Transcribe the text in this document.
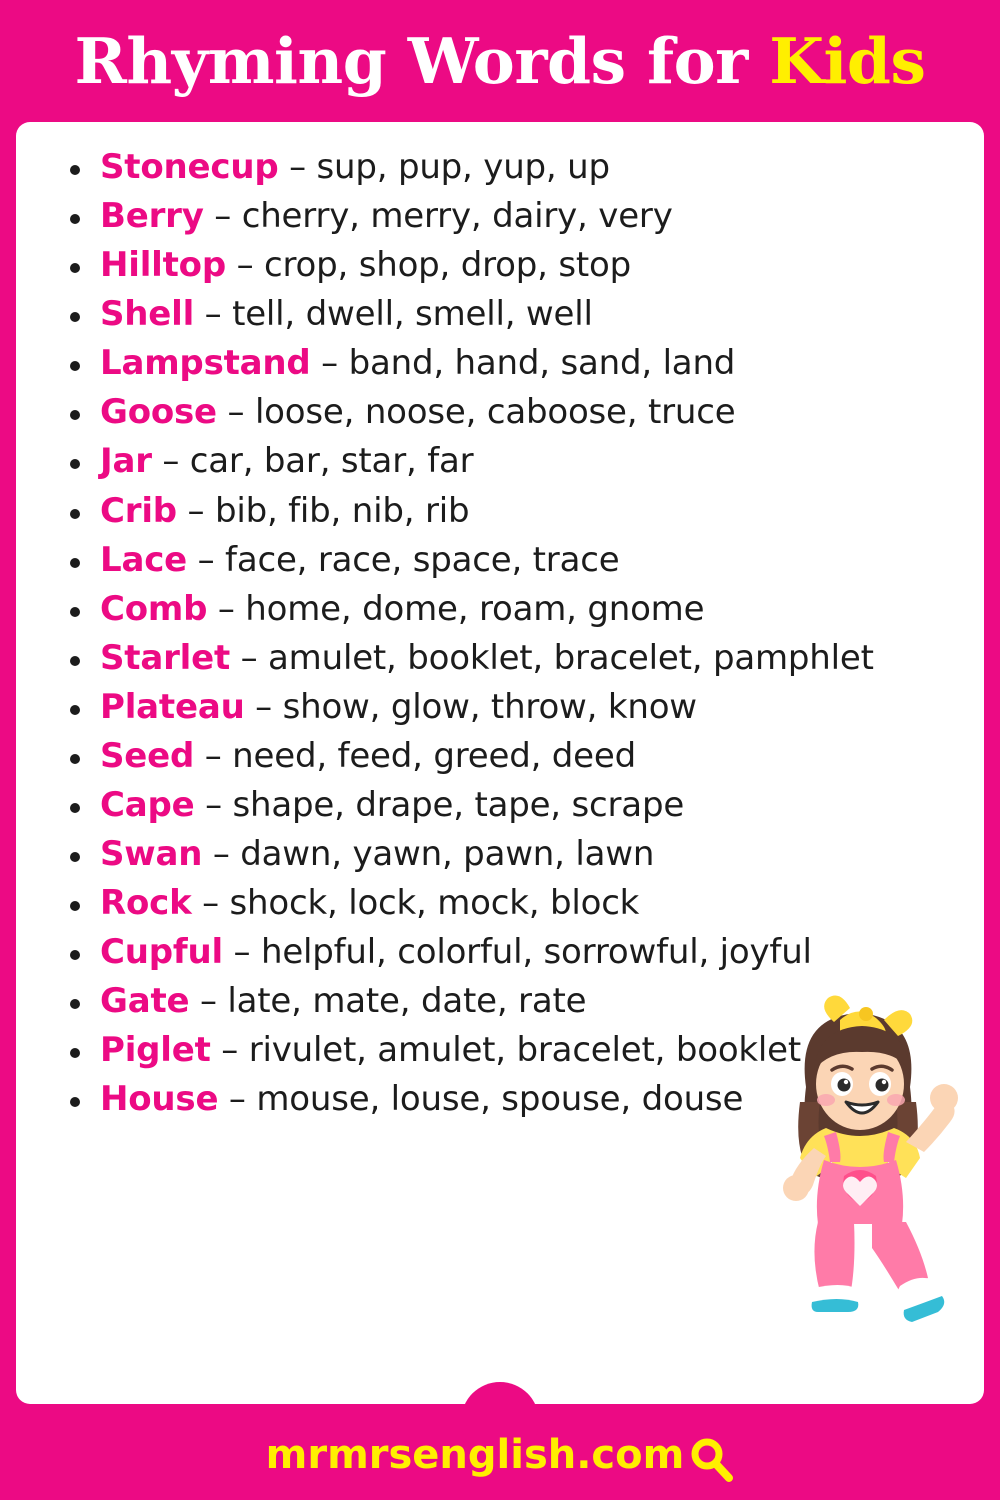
Rhyming Words for Kids
Stonecup – sup, pup, yup, up
Berry – cherry, merry, dairy, very
Hilltop – crop, shop, drop, stop
Shell – tell, dwell, smell, well
Lampstand – band, hand, sand, land
Goose – loose, noose, caboose, truce
Jar – car, bar, star, far
Crib – bib, fib, nib, rib
Lace – face, race, space, trace
Comb – home, dome, roam, gnome
Starlet – amulet, booklet, bracelet, pamphlet
Plateau – show, glow, throw, know
Seed – need, feed, greed, deed
Cape – shape, drape, tape, scrape
Swan – dawn, yawn, pawn, lawn
Rock – shock, lock, mock, block
Cupful – helpful, colorful, sorrowful, joyful
Gate – late, mate, date, rate
Piglet – rivulet, amulet, bracelet, booklet
House – mouse, louse, spouse, douse
mrmrsenglish.com
